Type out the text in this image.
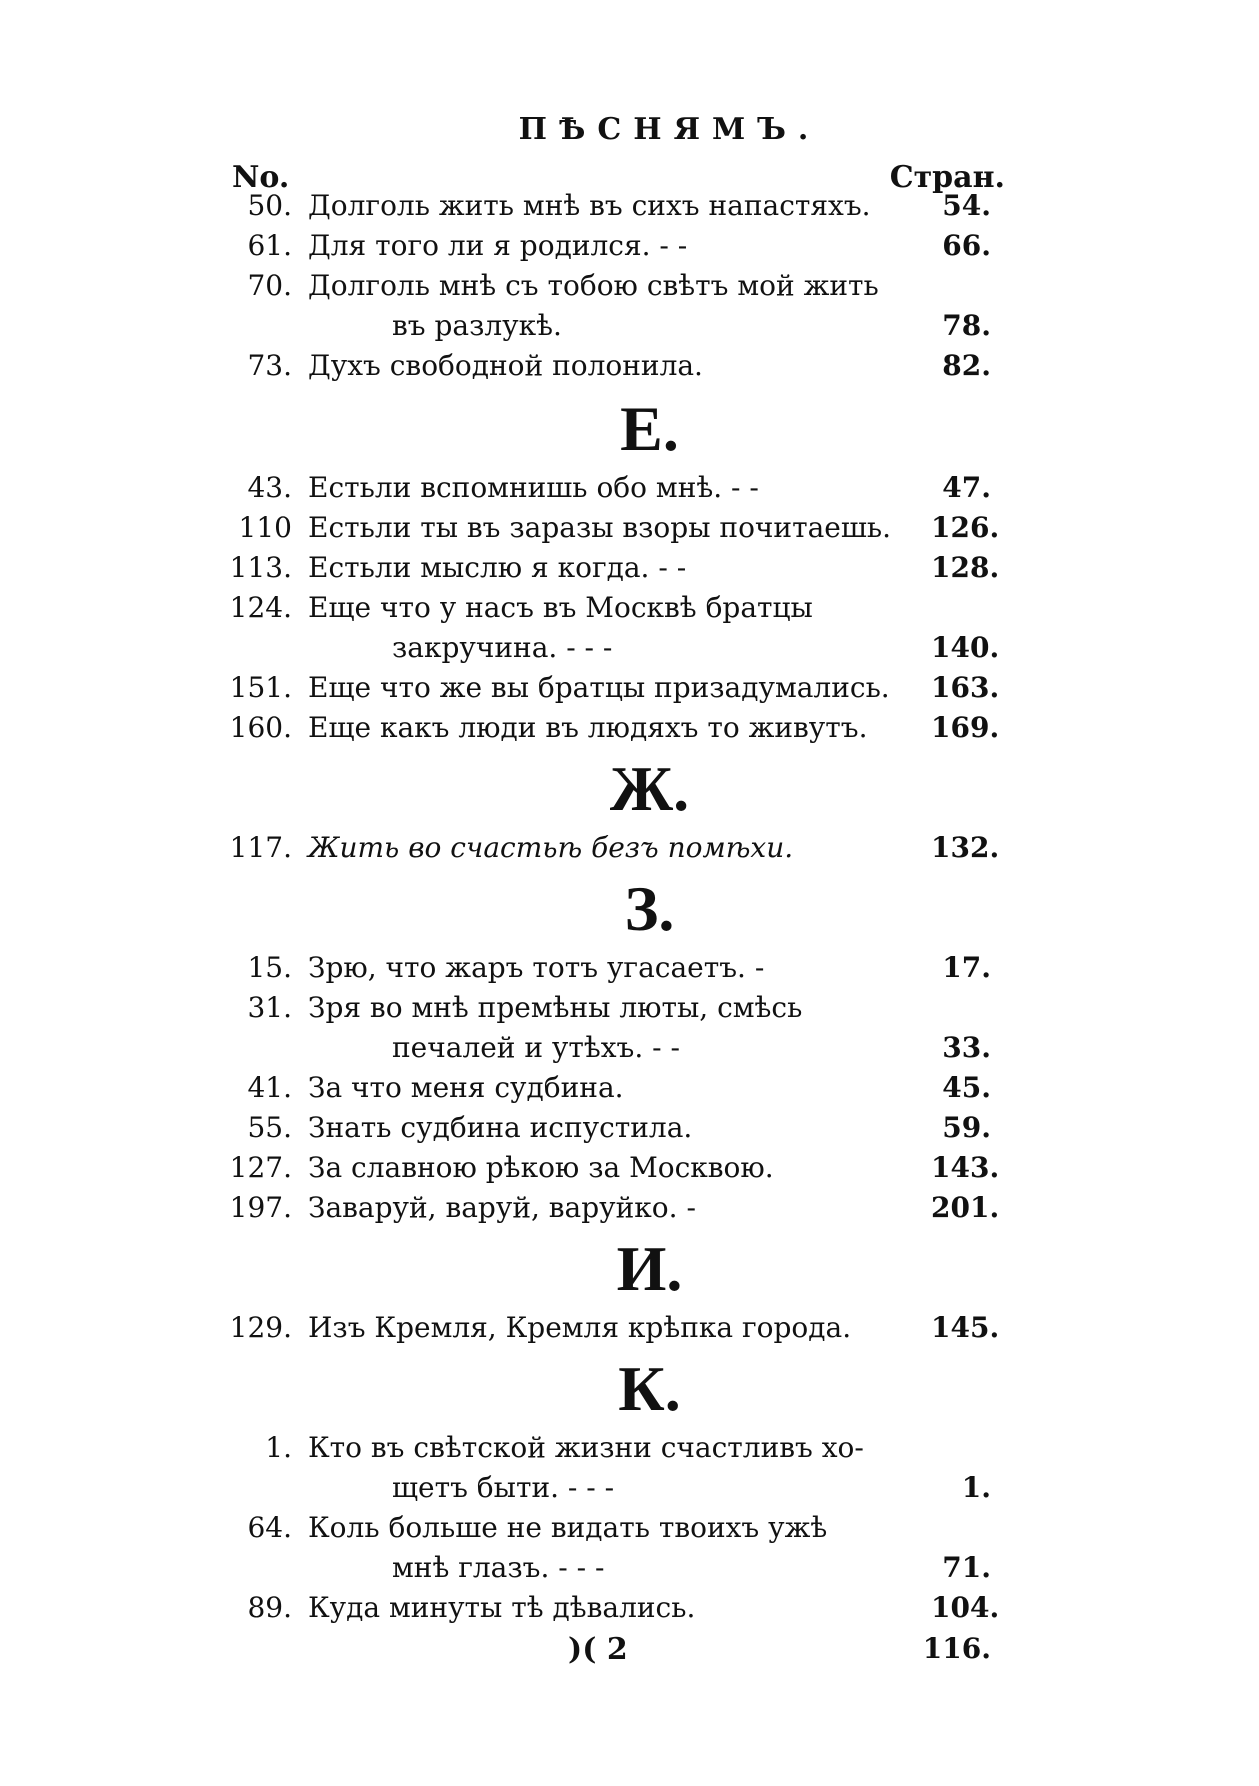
ПѢСНЯМЪ.
No.	Стран.
50. Долголь жить мнѣ въ сихъ напастяхъ.	54.
61. Для того ли я родился. - -	66.
70. Долголь мнѣ съ тобою свѣтъ мой жить
въ разлукѣ.	78.
73. Духъ свободной полонила.	82.
Е.
43. Естьли вспомнишь обо мнѣ. - -	47.
110 Естьли ты въ заразы взоры почитаешь. 126.
113. Естьли мыслю я когда. - -	128.
124. Еще что у насъ въ Москвѣ братцы
закручина. - - -	140.
151. Еще что же вы братцы призадумались. 163.
160. Еще какъ люди въ людяхъ то живутъ. 169.
Ж.
117. Жить во счастьѣ безъ помѣхи.	132.
З.
15. Зрю, что жаръ тотъ угасаетъ. -	17.
31. Зря во мнѣ премѣны люты, смѣсь
печалей и утѣхъ. - -	33.
41. За что меня судбина.	45.
55. Знать судбина испустила.	59.
127. За славною рѣкою за Москвою.	143.
197. Заваруй, варуй, варуйко. -	201.
И.
129. Изъ Кремля, Кремля крѣпка города.	145.
К.
1. Кто въ свѣтской жизни счастливъ хо-
щетъ быти. - - -	1.
64. Коль больше не видать твоихъ ужѣ
мнѣ глазъ. - - -	71.
89. Куда минуты тѣ дѣвались.	104.
)( 2	116.
